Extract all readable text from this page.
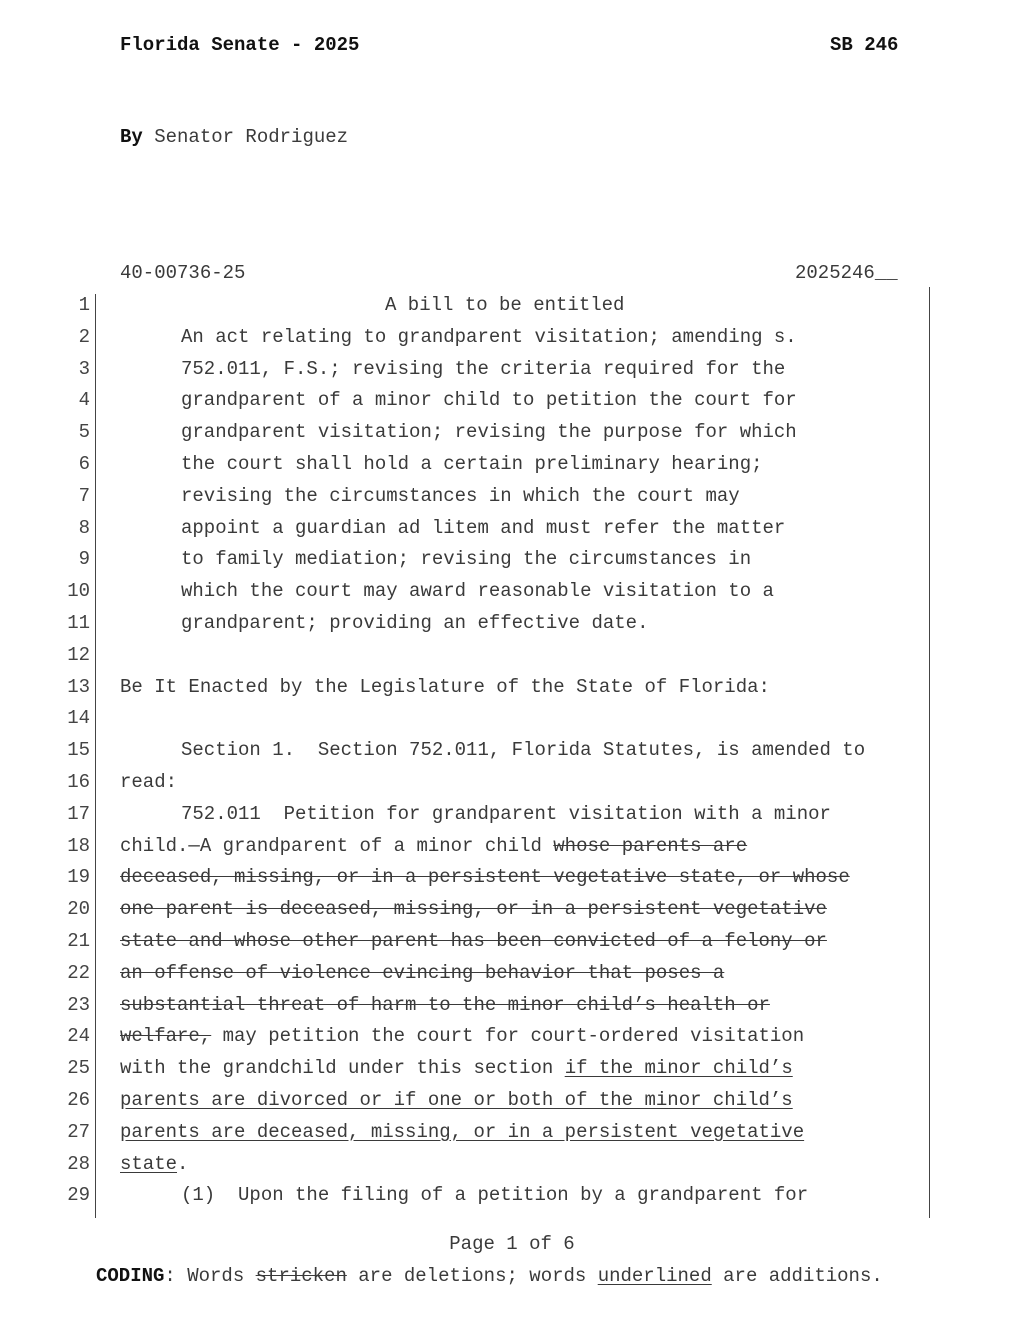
Florida Senate - 2025	SB 246
By Senator Rodriguez
40-00736-25	2025246__
1	A bill to be entitled
2	An act relating to grandparent visitation; amending s.
3	752.011, F.S.; revising the criteria required for the
4	grandparent of a minor child to petition the court for
5	grandparent visitation; revising the purpose for which
6	the court shall hold a certain preliminary hearing;
7	revising the circumstances in which the court may
8	appoint a guardian ad litem and must refer the matter
9	to family mediation; revising the circumstances in
10	which the court may award reasonable visitation to a
11	grandparent; providing an effective date.
12
13 Be It Enacted by the Legislature of the State of Florida:
14
15	Section 1.  Section 752.011, Florida Statutes, is amended to
16 read:
17	752.011  Petition for grandparent visitation with a minor
18 child.—A grandparent of a minor child whose parents are
19 deceased, missing, or in a persistent vegetative state, or whose
20 one parent is deceased, missing, or in a persistent vegetative
21 state and whose other parent has been convicted of a felony or
22 an offense of violence evincing behavior that poses a
23 substantial threat of harm to the minor child’s health or
24 welfare, may petition the court for court-ordered visitation
25 with the grandchild under this section if the minor child’s
26 parents are divorced or if one or both of the minor child’s
27 parents are deceased, missing, or in a persistent vegetative
28 state.
29	(1)  Upon the filing of a petition by a grandparent for
Page 1 of 6
CODING: Words stricken are deletions; words underlined are additions.
